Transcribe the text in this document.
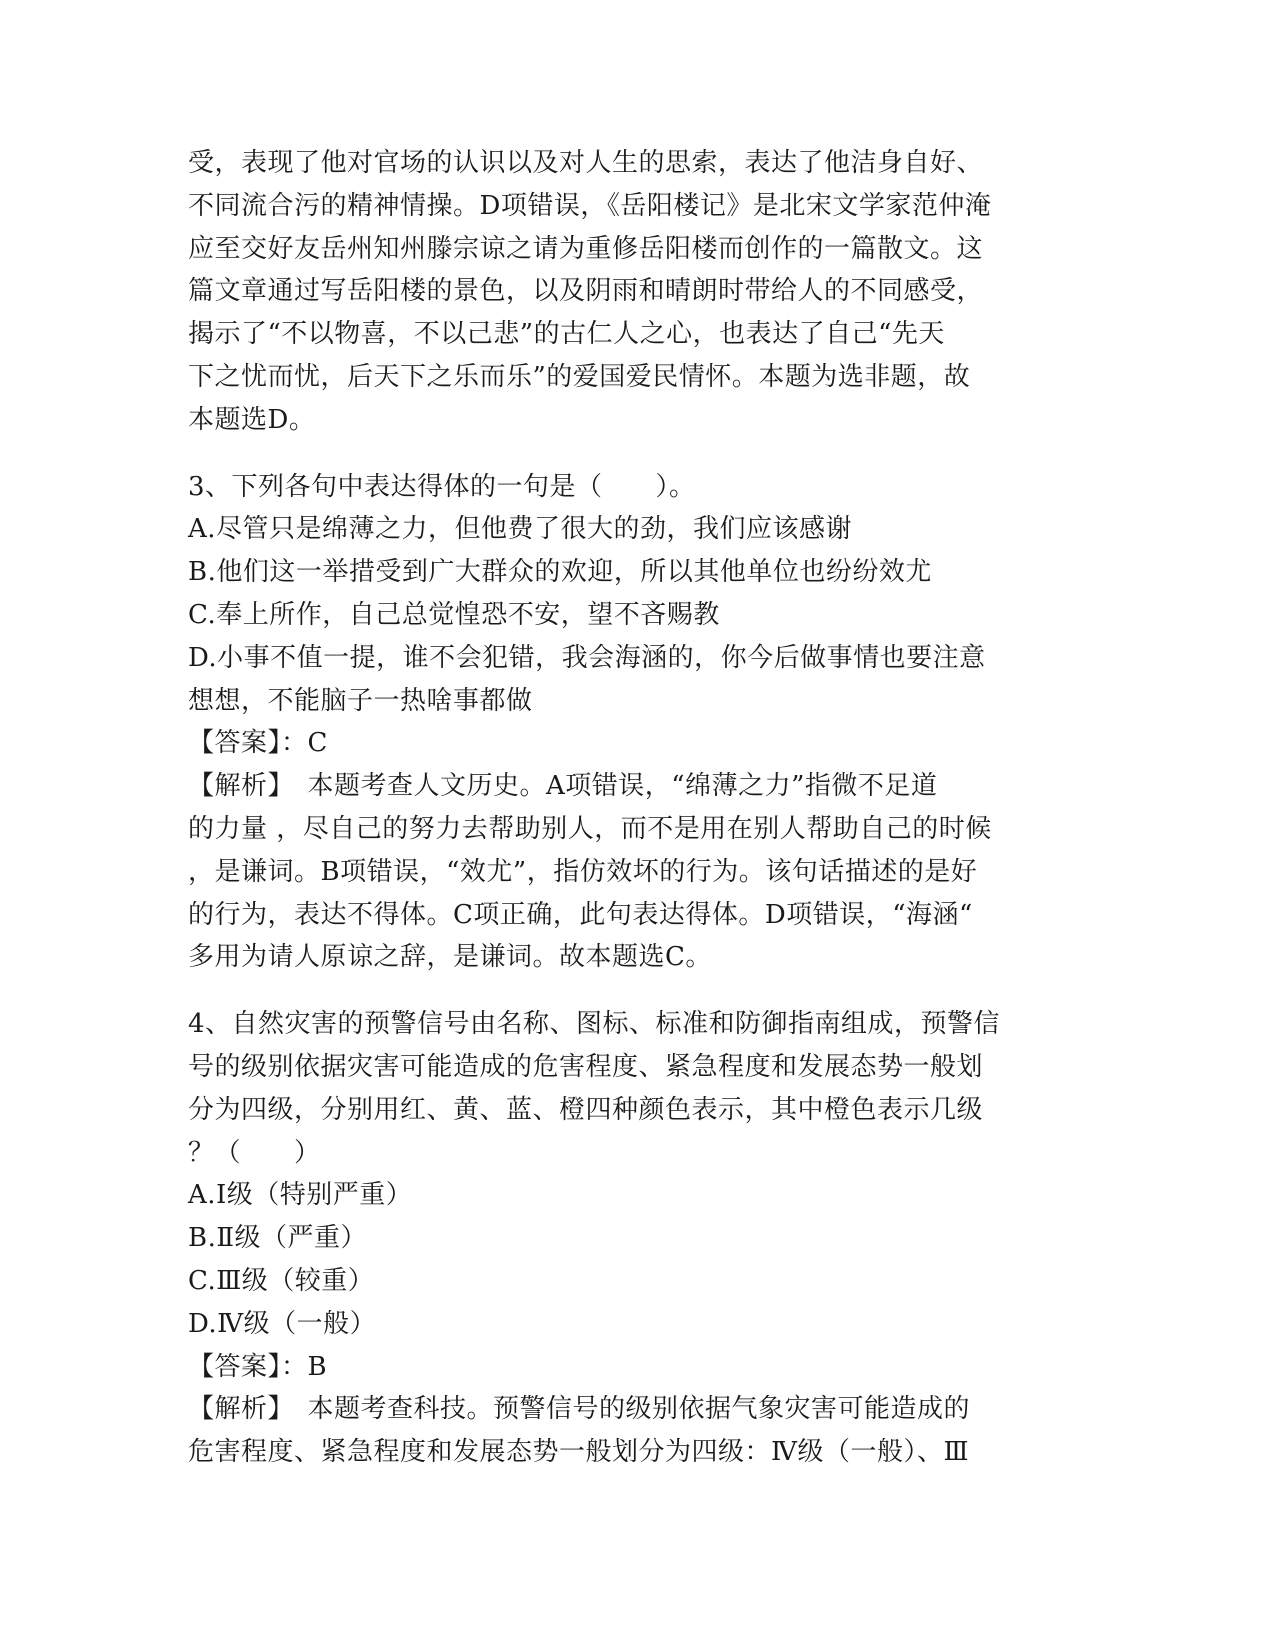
受，表现了他对官场的认识以及对人生的思索，表达了他洁身自好、
不同流合污的精神情操。D项错误，《岳阳楼记》是北宋文学家范仲淹
应至交好友岳州知州滕宗谅之请为重修岳阳楼而创作的一篇散文。这
篇文章通过写岳阳楼的景色，以及阴雨和晴朗时带给人的不同感受，
揭示了“不以物喜，不以己悲”的古仁人之心，也表达了自己“先天
下之忧而忧，后天下之乐而乐”的爱国爱民情怀。本题为选非题，故
本题选D。
3、下列各句中表达得体的一句是（　　）。
A.尽管只是绵薄之力，但他费了很大的劲，我们应该感谢
B.他们这一举措受到广大群众的欢迎，所以其他单位也纷纷效尤
C.奉上所作，自己总觉惶恐不安，望不吝赐教
D.小事不值一提，谁不会犯错，我会海涵的，你今后做事情也要注意
想想，不能脑子一热啥事都做
【答案】：C
【解析】　本题考查人文历史。A项错误，“绵薄之力”指微不足道
的力量 ，尽自己的努力去帮助别人，而不是用在别人帮助自己的时候
，是谦词。B项错误，“效尤”，指仿效坏的行为。该句话描述的是好
的行为，表达不得体。C项正确，此句表达得体。D项错误，“海涵“
多用为请人原谅之辞，是谦词。故本题选C。
4、自然灾害的预警信号由名称、图标、标准和防御指南组成，预警信
号的级别依据灾害可能造成的危害程度、紧急程度和发展态势一般划
分为四级，分别用红、黄、蓝、橙四种颜色表示，其中橙色表示几级
？（　　）
A.Ⅰ级（特别严重）
B.Ⅱ级（严重）
C.Ⅲ级（较重）
D.Ⅳ级（一般）
【答案】：B
【解析】　本题考查科技。预警信号的级别依据气象灾害可能造成的
危害程度、紧急程度和发展态势一般划分为四级：Ⅳ级（一般）、Ⅲ
